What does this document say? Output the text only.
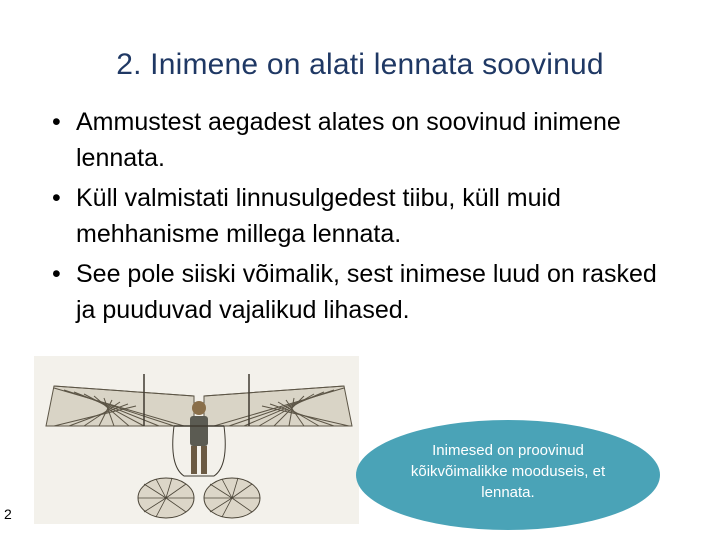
2. Inimene on alati lennata soovinud
• Ammustest aegadest alates on soovinud inimene lennata.
• Küll valmistati linnusulgedest tiibu, küll muid mehhanisme millega lennata.
• See pole siiski võimalik, sest inimese luud on rasked ja puuduvad vajalikud lihased.
2
Inimesed on proovinud kõikvõimalikke mooduseis, et lennata.
